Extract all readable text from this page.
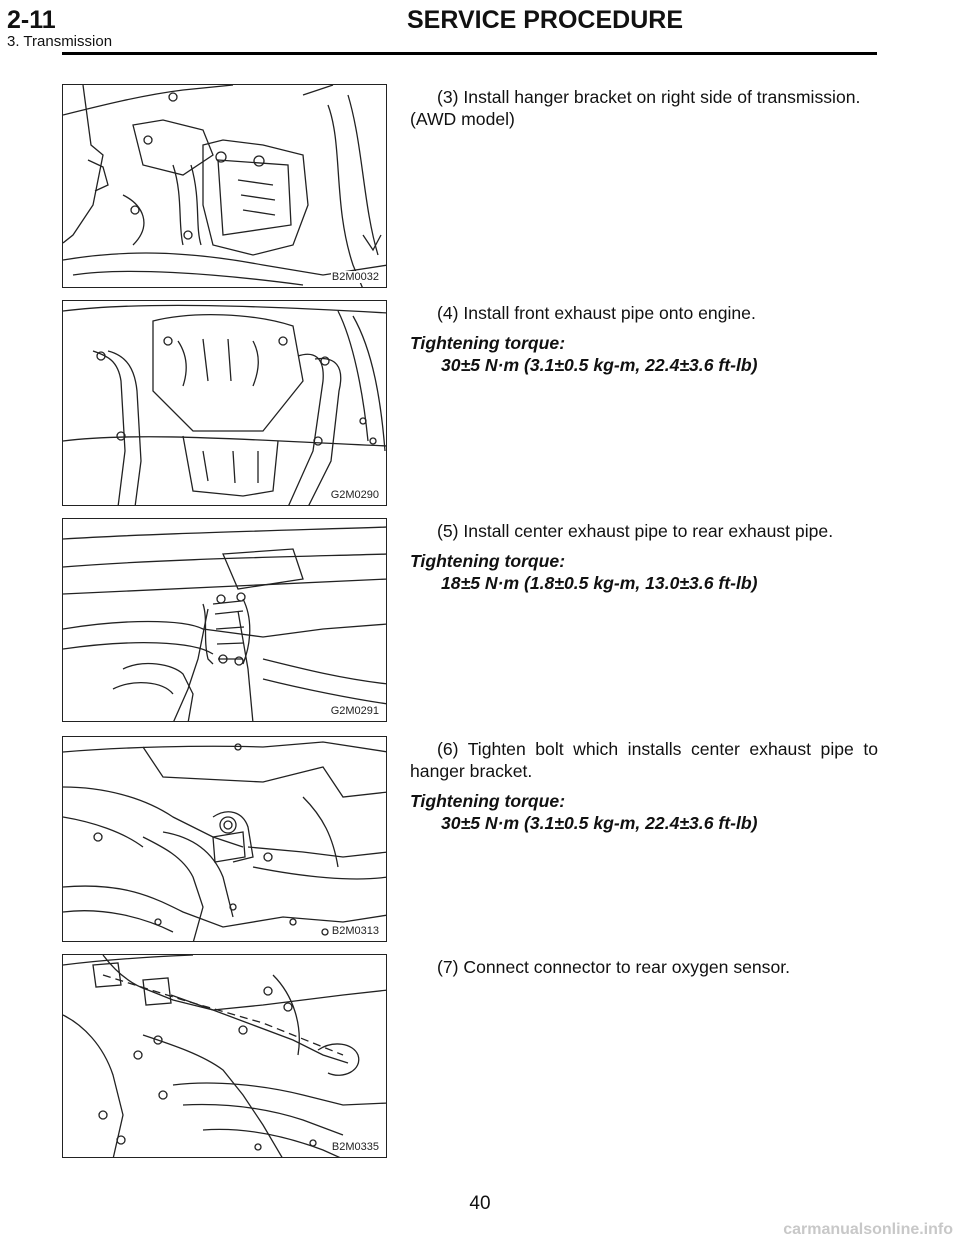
2-11	SERVICE PROCEDURE
3. Transmission
B2M0032
G2M0290
G2M0291
B2M0313
B2M0335

(3) Install hanger bracket on right side of transmission.

(AWD model)

(4) Install front exhaust pipe onto engine.

Tightening torque:

30±5 N·m (3.1±0.5 kg-m, 22.4±3.6 ft-lb)

(5) Install center exhaust pipe to rear exhaust pipe.

Tightening torque:

18±5 N·m (1.8±0.5 kg-m, 13.0±3.6 ft-lb)

(6) Tighten bolt which installs center exhaust pipe to

hanger bracket.

Tightening torque:

30±5 N·m (3.1±0.5 kg-m, 22.4±3.6 ft-lb)

(7) Connect connector to rear oxygen sensor.

40
carmanualsonline.info
